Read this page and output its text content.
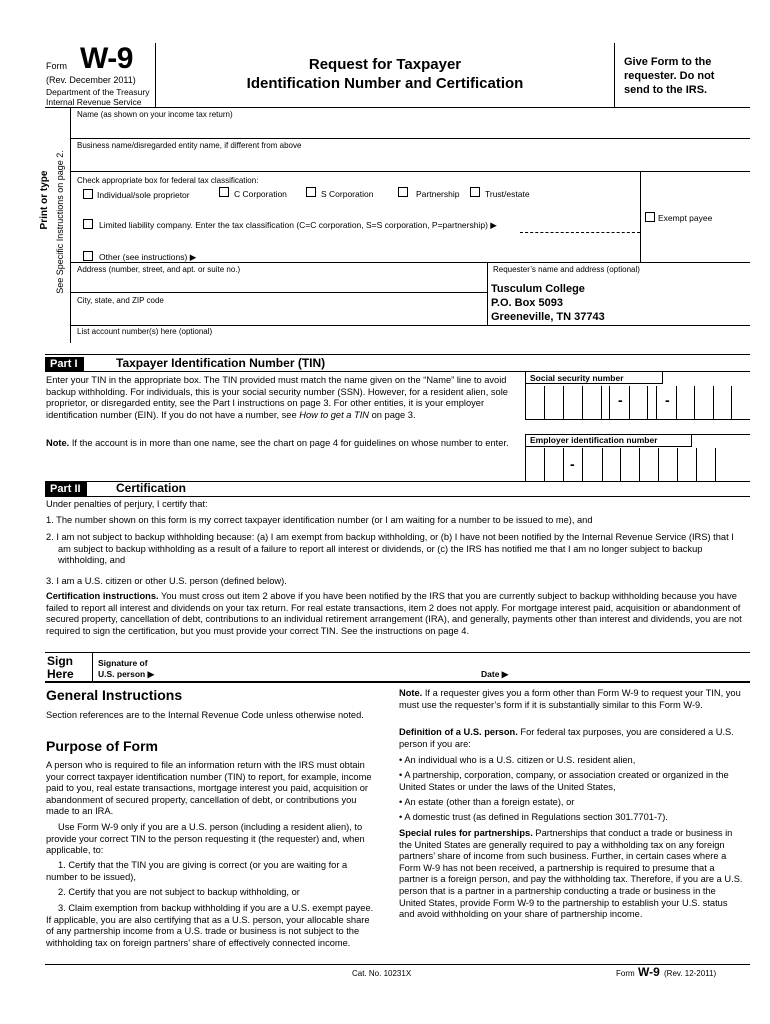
Form W-9
(Rev. December 2011)
Department of the Treasury
Internal Revenue Service
Request for Taxpayer
Identification Number and Certification
Give Form to the
requester. Do not
send to the IRS.
Print or type See Specific Instructions on page 2.
Name (as shown on your income tax return)
Business name/disregarded entity name, if different from above
Check appropriate box for federal tax classification:
Individual/sole proprietor	C Corporation	S Corporation	Partnership	Trust/estate
Limited liability company. Enter the tax classification (C=C corporation, S=S corporation, P=partnership) ▶
Exempt payee
Other (see instructions) ▶
Address (number, street, and apt. or suite no.)	Requester’s name and address (optional)
City, state, and ZIP code
Tusculum College
P.O. Box 5093
Greeneville, TN 37743
List account number(s) here (optional)
Part I	Taxpayer Identification Number (TIN)
Enter your TIN in the appropriate box. The TIN provided must match the name given on the “Name” line to avoid backup withholding. For individuals, this is your social security number (SSN). However, for a resident alien, sole proprietor, or disregarded entity, see the Part I instructions on page 3. For other entities, it is your employer identification number (EIN). If you do not have a number, see How to get a TIN on page 3.
Note. If the account is in more than one name, see the chart on page 4 for guidelines on whose number to enter.
Social security number
-	-
Employer identification number
-
Part II	Certification
Under penalties of perjury, I certify that:
1. The number shown on this form is my correct taxpayer identification number (or I am waiting for a number to be issued to me), and
2. I am not subject to backup withholding because: (a) I am exempt from backup withholding, or (b) I have not been notified by the Internal Revenue Service (IRS) that I am subject to backup withholding as a result of a failure to report all interest or dividends, or (c) the IRS has notified me that I am no longer subject to backup withholding, and
3. I am a U.S. citizen or other U.S. person (defined below).
Certification instructions. You must cross out item 2 above if you have been notified by the IRS that you are currently subject to backup withholding because you have failed to report all interest and dividends on your tax return. For real estate transactions, item 2 does not apply. For mortgage interest paid, acquisition or abandonment of secured property, cancellation of debt, contributions to an individual retirement arrangement (IRA), and generally, payments other than interest and dividends, you are not required to sign the certification, but you must provide your correct TIN. See the instructions on page 4.
Sign
Here
Signature of
U.S. person ▶	Date ▶
General Instructions
Section references are to the Internal Revenue Code unless otherwise noted.
Purpose of Form
A person who is required to file an information return with the IRS must obtain your correct taxpayer identification number (TIN) to report, for example, income paid to you, real estate transactions, mortgage interest you paid, acquisition or abandonment of secured property, cancellation of debt, or contributions you made to an IRA.
Use Form W-9 only if you are a U.S. person (including a resident alien), to provide your correct TIN to the person requesting it (the requester) and, when applicable, to:
1. Certify that the TIN you are giving is correct (or you are waiting for a number to be issued),
2. Certify that you are not subject to backup withholding, or
3. Claim exemption from backup withholding if you are a U.S. exempt payee. If applicable, you are also certifying that as a U.S. person, your allocable share of any partnership income from a U.S. trade or business is not subject to the withholding tax on foreign partners’ share of effectively connected income.
Note. If a requester gives you a form other than Form W-9 to request your TIN, you must use the requester’s form if it is substantially similar to this Form W-9.
Definition of a U.S. person. For federal tax purposes, you are considered a U.S. person if you are:
• An individual who is a U.S. citizen or U.S. resident alien,
• A partnership, corporation, company, or association created or organized in the United States or under the laws of the United States,
• An estate (other than a foreign estate), or
• A domestic trust (as defined in Regulations section 301.7701-7).
Special rules for partnerships. Partnerships that conduct a trade or business in the United States are generally required to pay a withholding tax on any foreign partners’ share of income from such business. Further, in certain cases where a Form W-9 has not been received, a partnership is required to presume that a partner is a foreign person, and pay the withholding tax. Therefore, if you are a U.S. person that is a partner in a partnership conducting a trade or business in the United States, provide Form W-9 to the partnership to establish your U.S. status and avoid withholding on your share of partnership income.
Cat. No. 10231X	Form W-9 (Rev. 12-2011)
